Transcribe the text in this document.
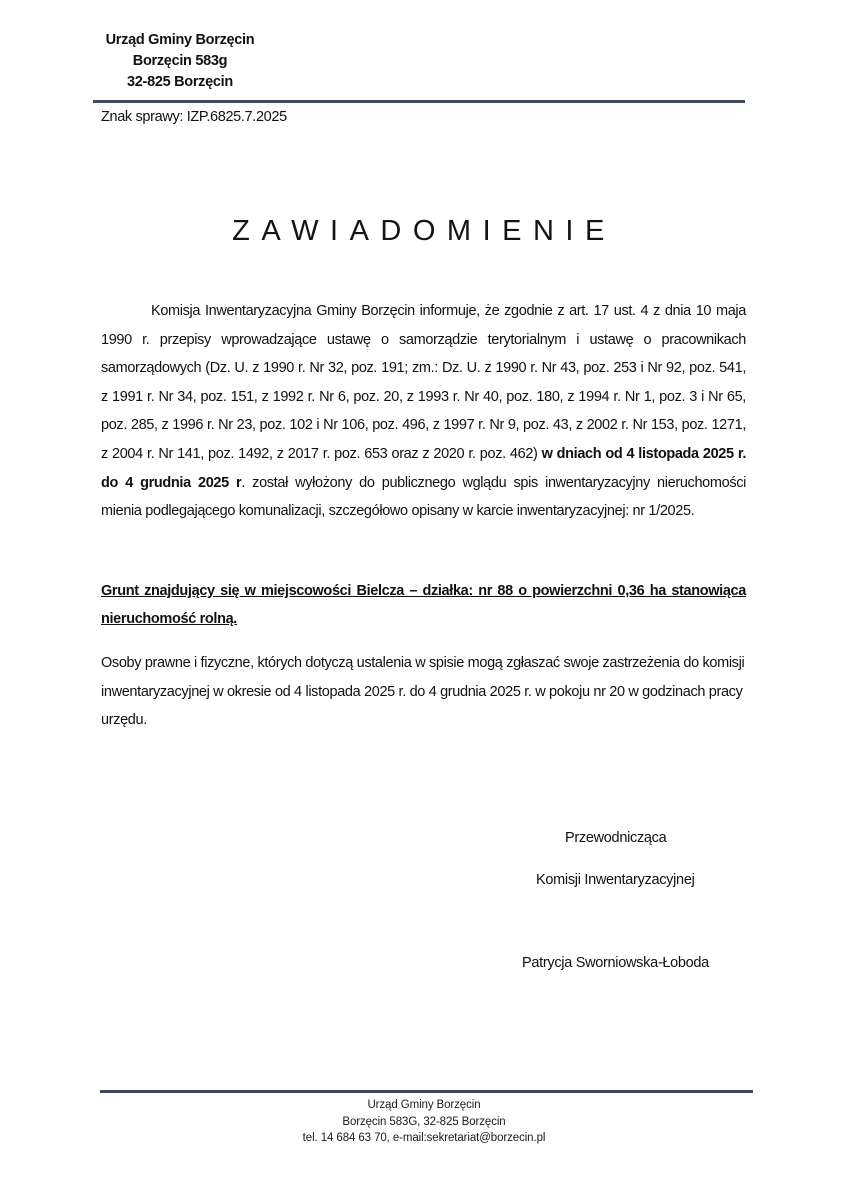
Urząd Gminy Borzęcin
Borzęcin 583g
32-825 Borzęcin
Znak sprawy: IZP.6825.7.2025
ZAWIADOMIENIE

Komisja Inwentaryzacyjna Gminy Borzęcin informuje, że zgodnie z art. 17 ust. 4 z dnia 10 maja 1990 r. przepisy wprowadzające ustawę o samorządzie terytorialnym i ustawę o pracownikach samorządowych (Dz. U. z 1990 r. Nr 32, poz. 191; zm.: Dz. U. z 1990 r. Nr 43, poz. 253 i Nr 92, poz. 541, z 1991 r. Nr 34, poz. 151, z 1992 r. Nr 6, poz. 20, z 1993 r. Nr 40, poz. 180, z 1994 r. Nr 1, poz. 3 i Nr 65, poz. 285, z 1996 r. Nr 23, poz. 102 i Nr 106, poz. 496, z 1997 r. Nr 9, poz. 43, z 2002 r. Nr 153, poz. 1271, z 2004 r. Nr 141, poz. 1492, z 2017 r. poz. 653 oraz z 2020 r. poz. 462) w dniach od 4 listopada 2025 r. do 4 grudnia 2025 r. został wyłożony do publicznego wglądu spis inwentaryzacyjny nieruchomości mienia podlegającego komunalizacji, szczegółowo opisany w karcie inwentaryzacyjnej: nr 1/2025.

Grunt znajdujący się w miejscowości Bielcza – działka: nr 88 o powierzchni 0,36 ha stanowiąca nieruchomość rolną.

Osoby prawne i fizyczne, których dotyczą ustalenia w spisie mogą zgłaszać swoje zastrzeżenia do komisji inwentaryzacyjnej w okresie od 4 listopada 2025 r. do 4 grudnia 2025 r. w pokoju nr 20 w godzinach pracy urzędu.

Przewodnicząca
Komisji Inwentaryzacyjnej
Patrycja Sworniowska-Łoboda
Urząd Gminy Borzęcin
Borzęcin 583G, 32-825 Borzęcin
tel. 14 684 63 70, e-mail:sekretariat@borzecin.pl
